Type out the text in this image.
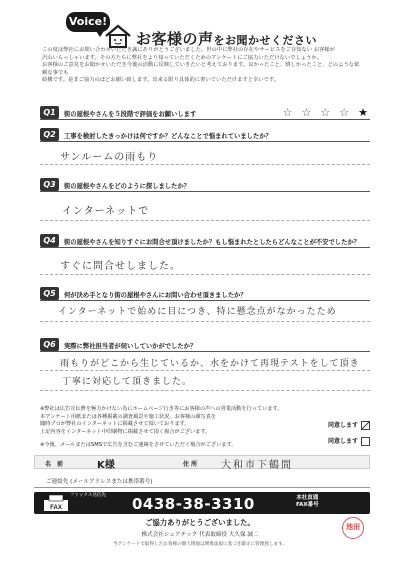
Voice!
お客様の声をお聞かせください
この度は弊社にお問い合わせいただき誠にありがとうございました。世の中に弊社の存在やサービスをご存知ない お客様が
沢山いらっしゃいます。その方たちに弊社をより知っていただくためのアンケートにご協力いただけないでしょうか。
お客様のご意見をお聞かせいただき今後の活動に反映していきたいと考えております。良かったこと、嬉しかったこと、どのような依頼な事でも
結構です。是非ご協力のほどお願い致します。出来る限り具体的に書いていただけますと幸いです。
Q1	街の屋根やさんを５段階で評価をお願いします	☆ ☆ ☆ ☆ ★
Q2	工事を検討したきっかけは何ですか？どんなことで悩まれていましたか？
サンルームの雨もり
Q3	街の屋根やさんをどのように探しましたか？
インターネットで
Q4	街の屋根やさんを知りすぐにお問合せ頂けましたか？もし悩まれたとしたらどんなことが不安でしたか？
すぐに問合せしました。
Q5	何が決め手となり街の屋根やさんにお問い合わせ頂きましたか？
インターネットで始めに目につき、特に懸念点がなかったため
Q6	実際に弊社担当者が伺いしていかがでしたか？
雨もりがどこから生じているか、水をかけて再現テストをして頂き
丁寧に対応して頂きました。
※弊社は広告宣伝費を極力かけない為にホームページ行き等にお客様の声への営業活動を行っています。
本アンケート用紙または各種掲載の調査風景や施工状況、お客様の顔写真を
随時プロが弊社のインターネットに掲載させて頂いております。
上記内容をインターネット中印刷物に掲載させて頂く場合がございます。
※今後、メールまたはSMSで広告を含むご連絡をさせていただく場合がございます。
同意します
同意します
名　前	K様	住 所 大和市下鶴間
ご連絡先 (メールアドレスまたは携帯番号)
FAX
ファックス送信先 0438-38-3310	本社直通
FAX番号
ご協力ありがとうございました。
株式会社シェアテック 代表取締役 大久保 誠二
当アンケートで取得したお客様の個人情報は関係法規に基づき厳正に管理致します。
池田
